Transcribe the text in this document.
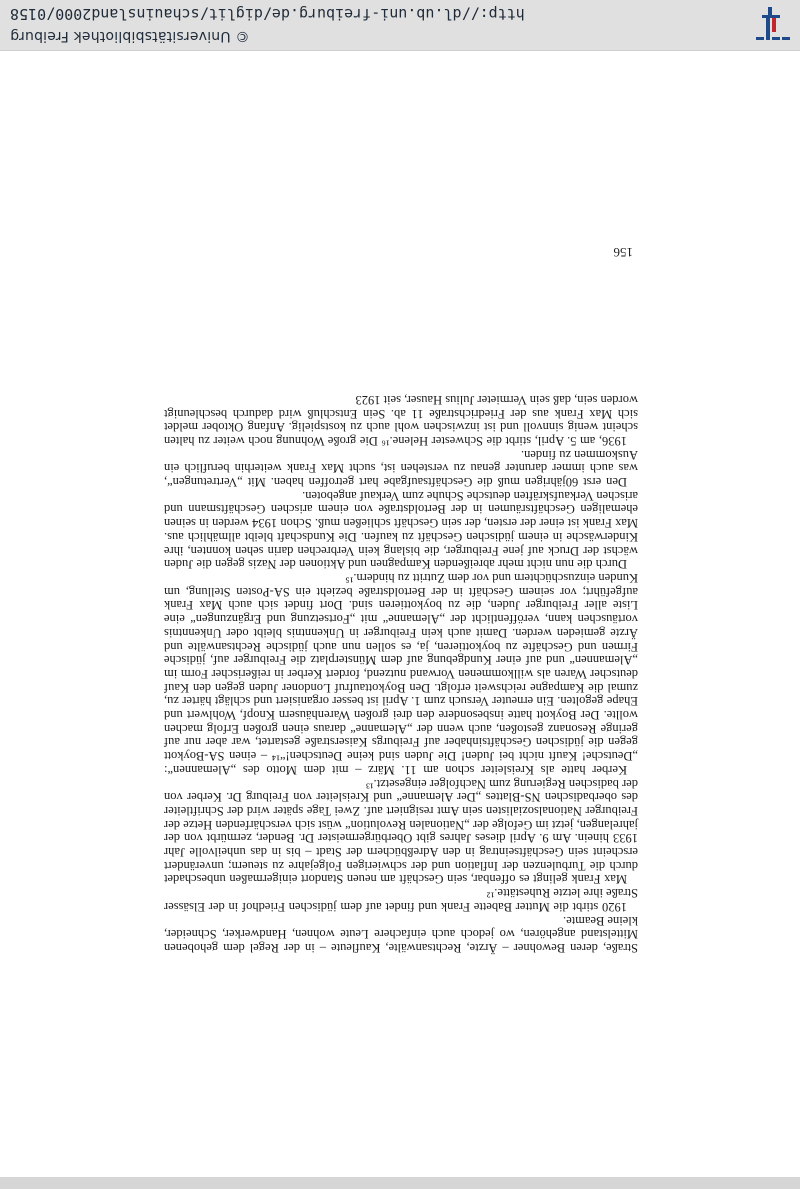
Straße, deren Bewohner – Ärzte, Rechtsanwälte, Kaufleute – in der Regel dem gehobenen Mittelstand angehören, wo jedoch auch einfachere Leute wohnen, Handwerker, Schneider, kleine Beamte.

1920 stirbt die Mutter Babette Frank und findet auf dem jüdischen Friedhof in der Elsässer Straße ihre letzte Ruhestätte.¹²

Max Frank gelingt es offenbar, sein Geschäft am neuen Standort einigermaßen unbeschadet durch die Turbulenzen der Inflation und der schwierigen Folgejahre zu steuern; unverändert erscheint sein Geschäftseintrag in den Adreßbüchern der Stadt – bis in das unheilvolle Jahr 1933 hinein. Am 9. April dieses Jahres gibt Oberbürgermeister Dr. Bender, zermürbt von der jahrelangen, jetzt im Gefolge der „Nationalen Revolution“ wüst sich verschärfenden Hetze der Freiburger Nationalsozialisten sein Amt resigniert auf. Zwei Tage später wird der Schriftleiter des oberbadischen NS-Blattes „Der Alemanne“ und Kreisleiter von Freiburg Dr. Kerber von der badischen Regierung zum Nachfolger eingesetzt.¹³

Kerber hatte als Kreisleiter schon am 11. März – mit dem Motto des „Alemannen“: „Deutsche! Kauft nicht bei Juden! Die Juden sind keine Deutschen!“¹⁴ – einen SA-Boykott gegen die jüdischen Geschäftsinhaber auf Freiburgs Kaiserstraße gestartet, war aber nur auf geringe Resonanz gestoßen, auch wenn der „Alemanne“ daraus einen großen Erfolg machen wollte. Der Boykott hatte insbesondere den drei großen Warenhäusern Knopf, Wohlwert und Ehape gegolten. Ein erneuter Versuch zum 1. April ist besser organisiert und schlägt härter zu, zumal die Kampagne reichsweit erfolgt. Den Boykottaufruf Londoner Juden gegen den Kauf deutscher Waren als willkommenen Vorwand nutzend, fordert Kerber in reißerischer Form im „Alemannen“ und auf einer Kundgebung auf dem Münsterplatz die Freiburger auf, jüdische Firmen und Geschäfte zu boykottieren, ja, es sollen nun auch jüdische Rechtsanwälte und Ärzte gemieden werden. Damit auch kein Freiburger in Unkenntnis bleibt oder Unkenntnis vortäuschen kann, veröffentlicht der „Alemanne“ mit „Fortsetzung und Ergänzungen“ eine Liste aller Freiburger Juden, die zu boykottieren sind. Dort findet sich auch Max Frank aufgeführt; vor seinem Geschäft in der Bertoldstraße bezieht ein SA-Posten Stellung, um Kunden einzuschüchtern und vor dem Zutritt zu hindern.¹⁵

Durch die nun nicht mehr abreißenden Kampagnen und Aktionen der Nazis gegen die Juden wächst der Druck auf jene Freiburger, die bislang kein Verbrechen darin sehen konnten, ihre Kinderwäsche in einem jüdischen Geschäft zu kaufen. Die Kundschaft bleibt allmählich aus. Max Frank ist einer der ersten, der sein Geschäft schließen muß. Schon 1934 werden in seinen ehemaligen Geschäftsräumen in der Bertoldstraße von einem arischen Geschäftsmann und arischen Verkaufskräften deutsche Schuhe zum Verkauf angeboten.

Den erst 60jährigen muß die Geschäftsaufgabe hart getroffen haben. Mit „Vertretungen“, was auch immer darunter genau zu verstehen ist, sucht Max Frank weiterhin beruflich ein Auskommen zu finden.

1936, am 5. April, stirbt die Schwester Helene.¹⁶ Die große Wohnung noch weiter zu halten scheint wenig sinnvoll und ist inzwischen wohl auch zu kostspielig. Anfang Oktober meldet sich Max Frank aus der Friedrichstraße 11 ab. Sein Entschluß wird dadurch beschleunigt worden sein, daß sein Vermieter Julius Hauser, seit 1923

156
© Universitätsbibliothek Freiburg
http://dl.ub.uni-freiburg.de/diglit/schauinsland2000/0158
